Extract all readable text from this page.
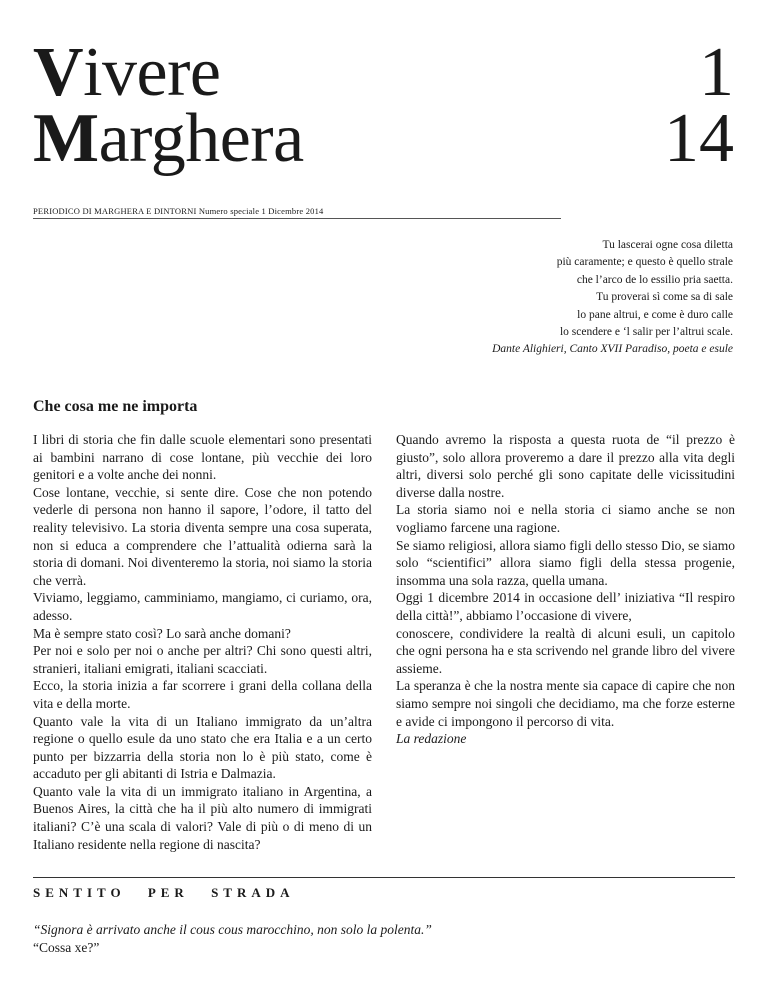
Vivere
Marghera
1
14
PERIODICO DI MARGHERA E DINTORNI Numero speciale 1 Dicembre 2014
Tu lascerai ogne cosa diletta
più caramente; e questo è quello strale
che l’arco de lo essilio pria saetta.
Tu proverai sì come sa di sale
lo pane altrui, e come è duro calle
lo scendere e ‘l salir per l’altrui scale.
Dante Alighieri, Canto XVII Paradiso, poeta e esule
Che cosa me ne importa

I libri di storia che fin dalle scuole elementari sono presentati ai bambini narrano di cose lontane, più vecchie dei loro genitori e a volte anche dei nonni.

Cose lontane, vecchie, si sente dire. Cose che non potendo vederle di persona non hanno il sapore, l’odore, il tatto del reality televisivo. La storia diventa sempre una cosa superata, non si educa a comprendere che l’attualità odierna sarà la storia di domani. Noi diventeremo la storia, noi siamo la storia che verrà.

Viviamo, leggiamo, camminiamo, mangiamo, ci curiamo, ora, adesso.

Ma è sempre stato così? Lo sarà anche domani?

Per noi e solo per noi o anche per altri? Chi sono questi altri, stranieri, italiani emigrati, italiani scacciati.

Ecco, la storia inizia a far scorrere i grani della collana della vita e della morte.

Quanto vale la vita di un Italiano immigrato da un’altra regione o quello esule da uno stato che era Italia e a un certo punto per bizzarria della storia non lo è più stato, come è accaduto per gli abitanti di Istria e Dalmazia.

Quanto vale la vita di un immigrato italiano in Argentina, a Buenos Aires, la città che ha il più alto numero di immigrati italiani? C’è una scala di valori? Vale di più o di meno di un Italiano residente nella regione di nascita?

Quando avremo la risposta a questa ruota de “il prezzo è giusto”, solo allora proveremo a dare il prezzo alla vita degli altri, diversi solo perché gli sono capitate delle vicissitudini diverse dalla nostre.

La storia siamo noi e nella storia ci siamo anche se non vogliamo farcene una ragione.

Se siamo religiosi, allora siamo figli dello stesso Dio, se siamo solo “scientifici” allora siamo figli della stessa progenie, insomma una sola razza, quella umana.

Oggi 1 dicembre 2014 in occasione dell’ iniziativa “Il respiro della città!”, abbiamo l’occasione di vivere,

conoscere, condividere la realtà di alcuni esuli, un capitolo che ogni persona ha e sta scrivendo nel grande libro del vivere assieme.

La speranza è che la nostra mente sia capace di capire che non siamo sempre noi singoli che decidiamo, ma che forze esterne e avide ci impongono il percorso di vita.

La redazione

SENTITO PER STRADA
“Signora è arrivato anche il cous cous marocchino, non solo la polenta.”
“Cossa xe?”
